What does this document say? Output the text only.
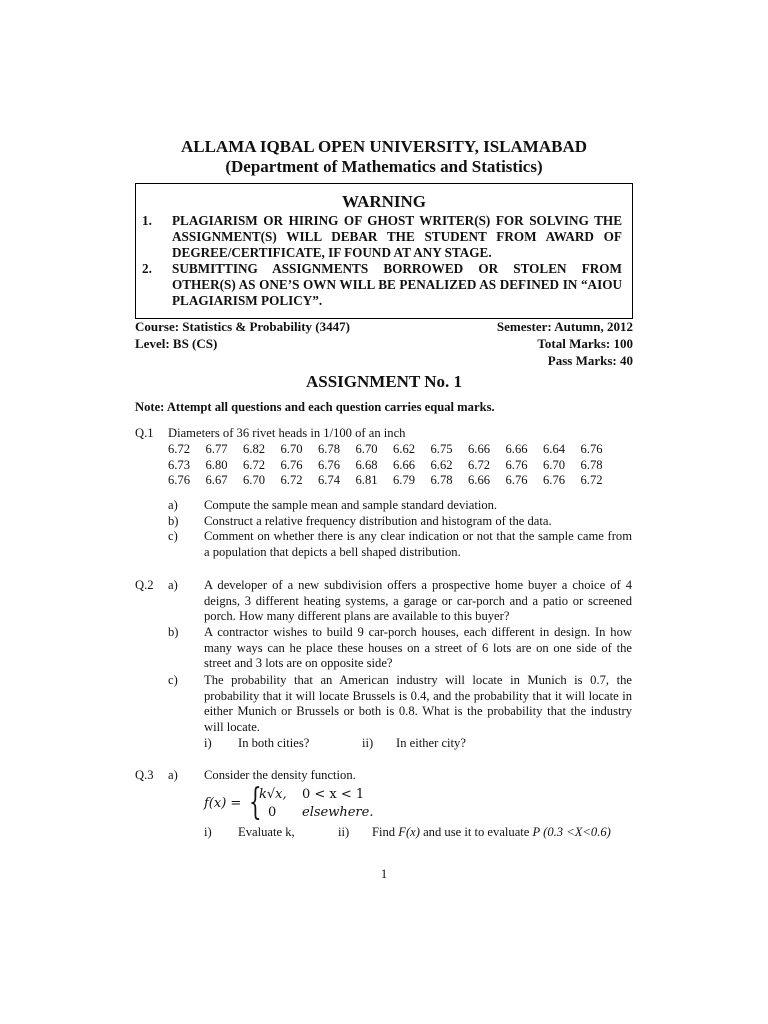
ALLAMA IQBAL OPEN UNIVERSITY, ISLAMABAD
(Department of Mathematics and Statistics)
WARNING
1. PLAGIARISM OR HIRING OF GHOST WRITER(S) FOR SOLVING THE ASSIGNMENT(S) WILL DEBAR THE STUDENT FROM AWARD OF DEGREE/CERTIFICATE, IF FOUND AT ANY STAGE.
2. SUBMITTING ASSIGNMENTS BORROWED OR STOLEN FROM OTHER(S) AS ONE’S OWN WILL BE PENALIZED AS DEFINED IN “AIOU PLAGIARISM POLICY”.
Course: Statistics & Probability (3447)
Level: BS (CS)
Semester: Autumn, 2012
Total Marks: 100
Pass Marks: 40
ASSIGNMENT No. 1
Note: Attempt all questions and each question carries equal marks.
Q.1 Diameters of 36 rivet heads in 1/100 of an inch
6.72	6.77	6.82	6.70	6.78	6.70	6.62	6.75	6.66	6.66	6.64	6.76
6.73	6.80	6.72	6.76	6.76	6.68	6.66	6.62	6.72	6.76	6.70	6.78
6.76	6.67	6.70	6.72	6.74	6.81	6.79	6.78	6.66	6.76	6.76	6.72
a) Compute the sample mean and sample standard deviation.
b) Construct a relative frequency distribution and histogram of the data.
c) Comment on whether there is any clear indication or not that the sample came from a population that depicts a bell shaped distribution.
Q.2 a) A developer of a new subdivision offers a prospective home buyer a choice of 4 deigns, 3 different heating systems, a garage or car-porch and a patio or screened porch. How many different plans are available to this buyer?
b) A contractor wishes to build 9 car-porch houses, each different in design. In how many ways can he place these houses on a street of 6 lots are on one side of the street and 3 lots are on opposite side?
c) The probability that an American industry will locate in Munich is 0.7, the probability that it will locate Brussels is 0.4, and the probability that it will locate in either Munich or Brussels or both is 0.8. What is the probability that the industry will locate.
i) In both cities?	ii) In either city?
Q.3 a) Consider the density function.
f(x) = {
k√x, 0 < x < 1
0 elsewhere.
i) Evaluate k,	ii) Find F(x) and use it to evaluate P (0.3 <X<0.6)
1
